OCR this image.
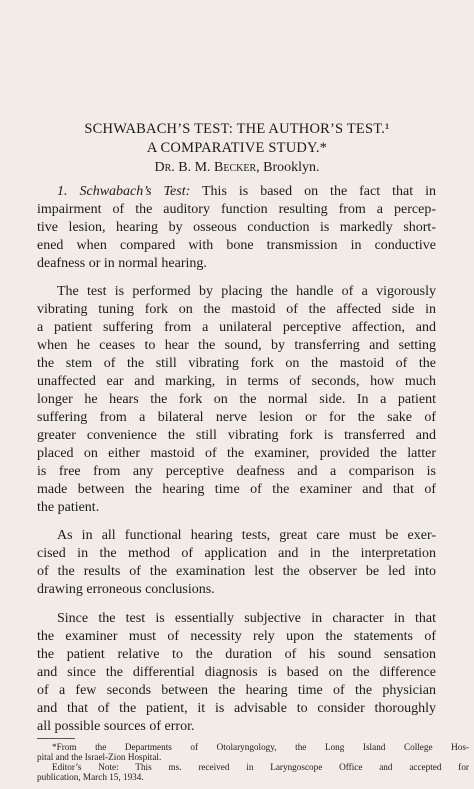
SCHWABACH’S TEST: THE AUTHOR’S TEST.¹
A COMPARATIVE STUDY.*
Dr. B. M. Becker, Brooklyn.
1. Schwabach’s Test: This is based on the fact that in
impairment of the auditory function resulting from a percep-
tive lesion, hearing by osseous conduction is markedly short-
ened when compared with bone transmission in conductive
deafness or in normal hearing.
The test is performed by placing the handle of a vigorously
vibrating tuning fork on the mastoid of the affected side in
a patient suffering from a unilateral perceptive affection, and
when he ceases to hear the sound, by transferring and setting
the stem of the still vibrating fork on the mastoid of the
unaffected ear and marking, in terms of seconds, how much
longer he hears the fork on the normal side. In a patient
suffering from a bilateral nerve lesion or for the sake of
greater convenience the still vibrating fork is transferred and
placed on either mastoid of the examiner, provided the latter
is free from any perceptive deafness and a comparison is
made between the hearing time of the examiner and that of
the patient.
As in all functional hearing tests, great care must be exer-
cised in the method of application and in the interpretation
of the results of the examination lest the observer be led into
drawing erroneous conclusions.
Since the test is essentially subjective in character in that
the examiner must of necessity rely upon the statements of
the patient relative to the duration of his sound sensation
and since the differential diagnosis is based on the difference
of a few seconds between the hearing time of the physician
and that of the patient, it is advisable to consider thoroughly
all possible sources of error.
*From the Departments of Otolaryngology, the Long Island College Hos-
pital and the Israel-Zion Hospital.
Editor’s Note: This ms. received in Laryngoscope Office and accepted for
publication, March 15, 1934.
